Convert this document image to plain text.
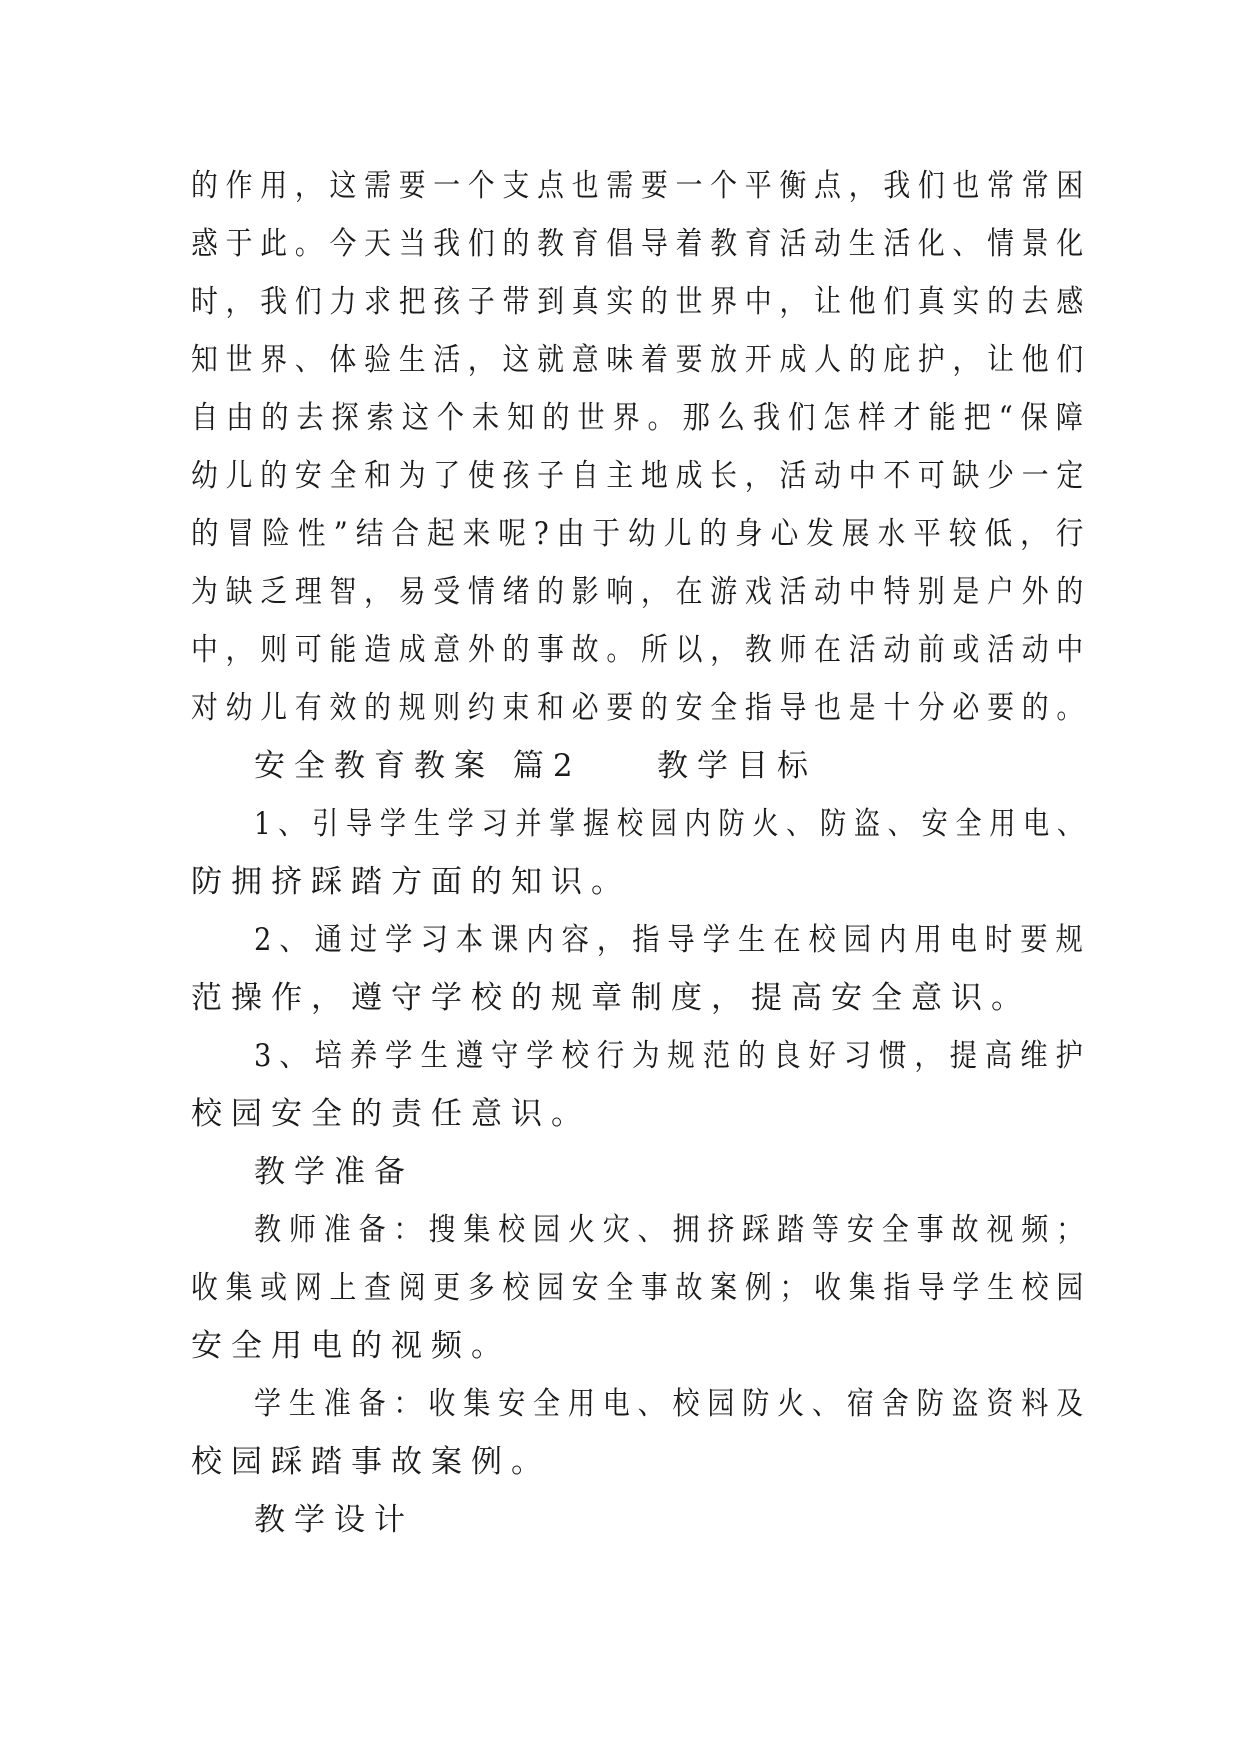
的作用，这需要一个支点也需要一个平衡点，我们也常常困
惑于此。今天当我们的教育倡导着教育活动生活化、情景化
时，我们力求把孩子带到真实的世界中，让他们真实的去感
知世界、体验生活，这就意味着要放开成人的庇护，让他们
自由的去探索这个未知的世界。那么我们怎样才能把“保障
幼儿的安全和为了使孩子自主地成长，活动中不可缺少一定
的冒险性”结合起来呢?由于幼儿的身心发展水平较低，行
为缺乏理智，易受情绪的影响，在游戏活动中特别是户外的
中，则可能造成意外的事故。所以，教师在活动前或活动中
对幼儿有效的规则约束和必要的安全指导也是十分必要的。
安全教育教案 篇2    教学目标
1、引导学生学习并掌握校园内防火、防盗、安全用电、
防拥挤踩踏方面的知识。
2、通过学习本课内容，指导学生在校园内用电时要规
范操作，遵守学校的规章制度，提高安全意识。
3、培养学生遵守学校行为规范的良好习惯，提高维护
校园安全的责任意识。
教学准备
教师准备：搜集校园火灾、拥挤踩踏等安全事故视频；
收集或网上查阅更多校园安全事故案例；收集指导学生校园
安全用电的视频。
学生准备：收集安全用电、校园防火、宿舍防盗资料及
校园踩踏事故案例。
教学设计
